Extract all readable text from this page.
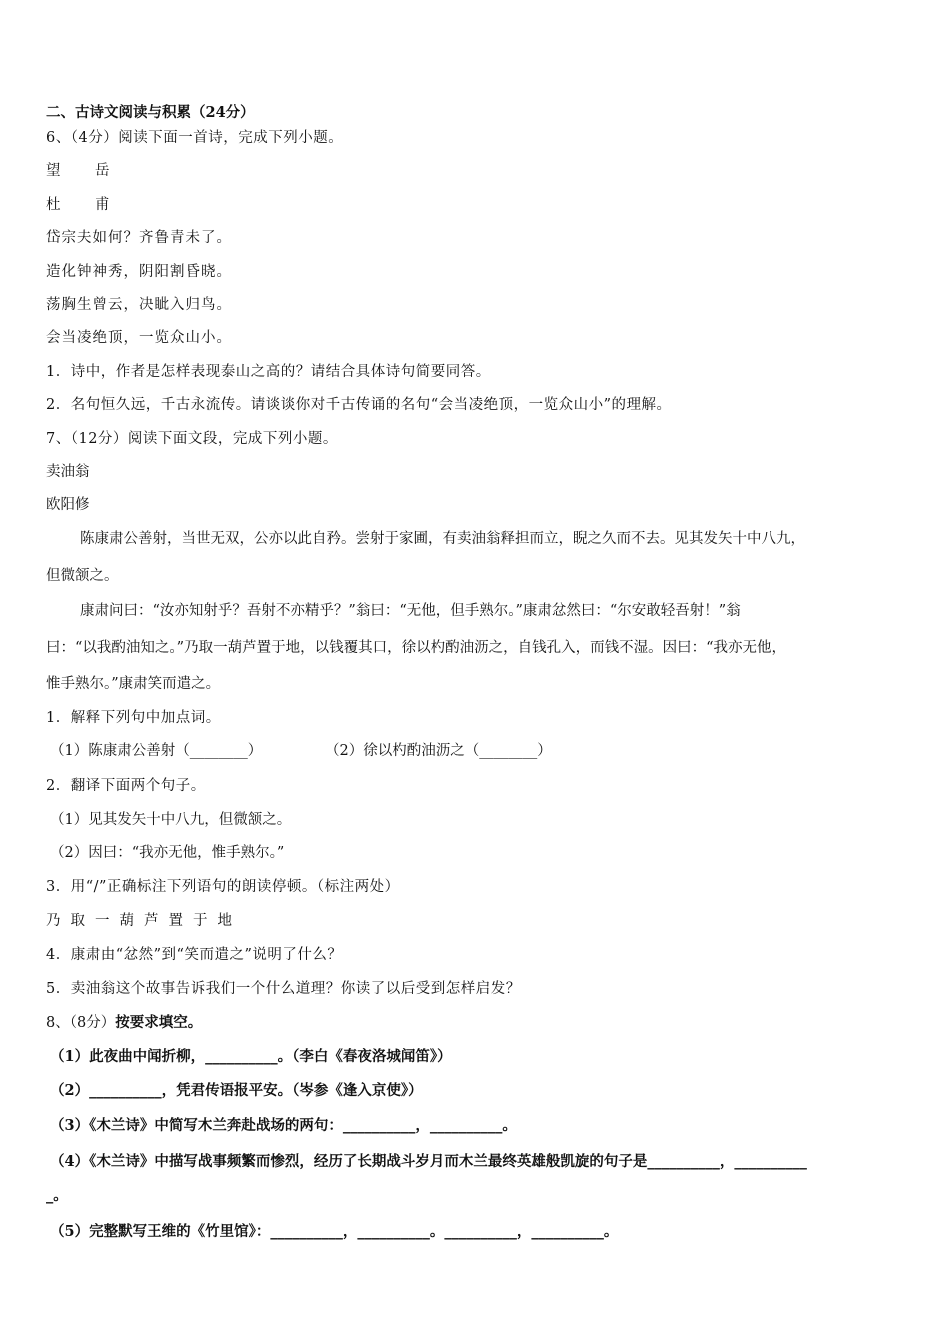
二、古诗文阅读与积累（24分）
6、（4分）阅读下面一首诗，完成下列小题。
望　岳
杜　甫
岱宗夫如何？齐鲁青未了。
造化钟神秀，阴阳割昏晓。
荡胸生曾云，决眦入归鸟。
会当凌绝顶，一览众山小。
1．诗中，作者是怎样表现泰山之高的？请结合具体诗句简要同答。
2．名句恒久远，千古永流传。请谈谈你对千古传诵的名句“会当凌绝顶，一览众山小”的理解。
7、（12分）阅读下面文段，完成下列小题。
卖油翁
欧阳修
陈康肃公善射，当世无双，公亦以此自矜。尝射于家圃，有卖油翁释担而立，睨之久而不去。见其发矢十中八九，
但微颔之。
康肃问曰：“汝亦知射乎？吾射不亦精乎？”翁曰：“无他，但手熟尔。”康肃忿然曰：“尔安敢轻吾射！”翁
曰：“以我酌油知之。”乃取一葫芦置于地，以钱覆其口，徐以杓酌油沥之，自钱孔入，而钱不湿。因曰：“我亦无他，
惟手熟尔。”康肃笑而遣之。
1．解释下列句中加点词。
（1）陈康肃公善射（________）	（2）徐以杓酌油沥之（________）
2．翻译下面两个句子。
（1）见其发矢十中八九，但微颔之。
（2）因曰：“我亦无他，惟手熟尔。”
3．用“/”正确标注下列语句的朗读停顿。（标注两处）
乃取一葫芦置于地
4．康肃由“忿然”到“笑而遣之”说明了什么？
5．卖油翁这个故事告诉我们一个什么道理？你读了以后受到怎样启发？
8、（8分）按要求填空。
（1）此夜曲中闻折柳，__________。（李白《春夜洛城闻笛》）
（2）__________，凭君传语报平安。（岑参《逢入京使》）
（3）《木兰诗》中简写木兰奔赴战场的两句：__________，__________。
（4）《木兰诗》中描写战事频繁而惨烈，经历了长期战斗岁月而木兰最终英雄般凯旋的句子是__________，__________
_。
（5）完整默写王维的《竹里馆》：__________，__________。__________，__________。
